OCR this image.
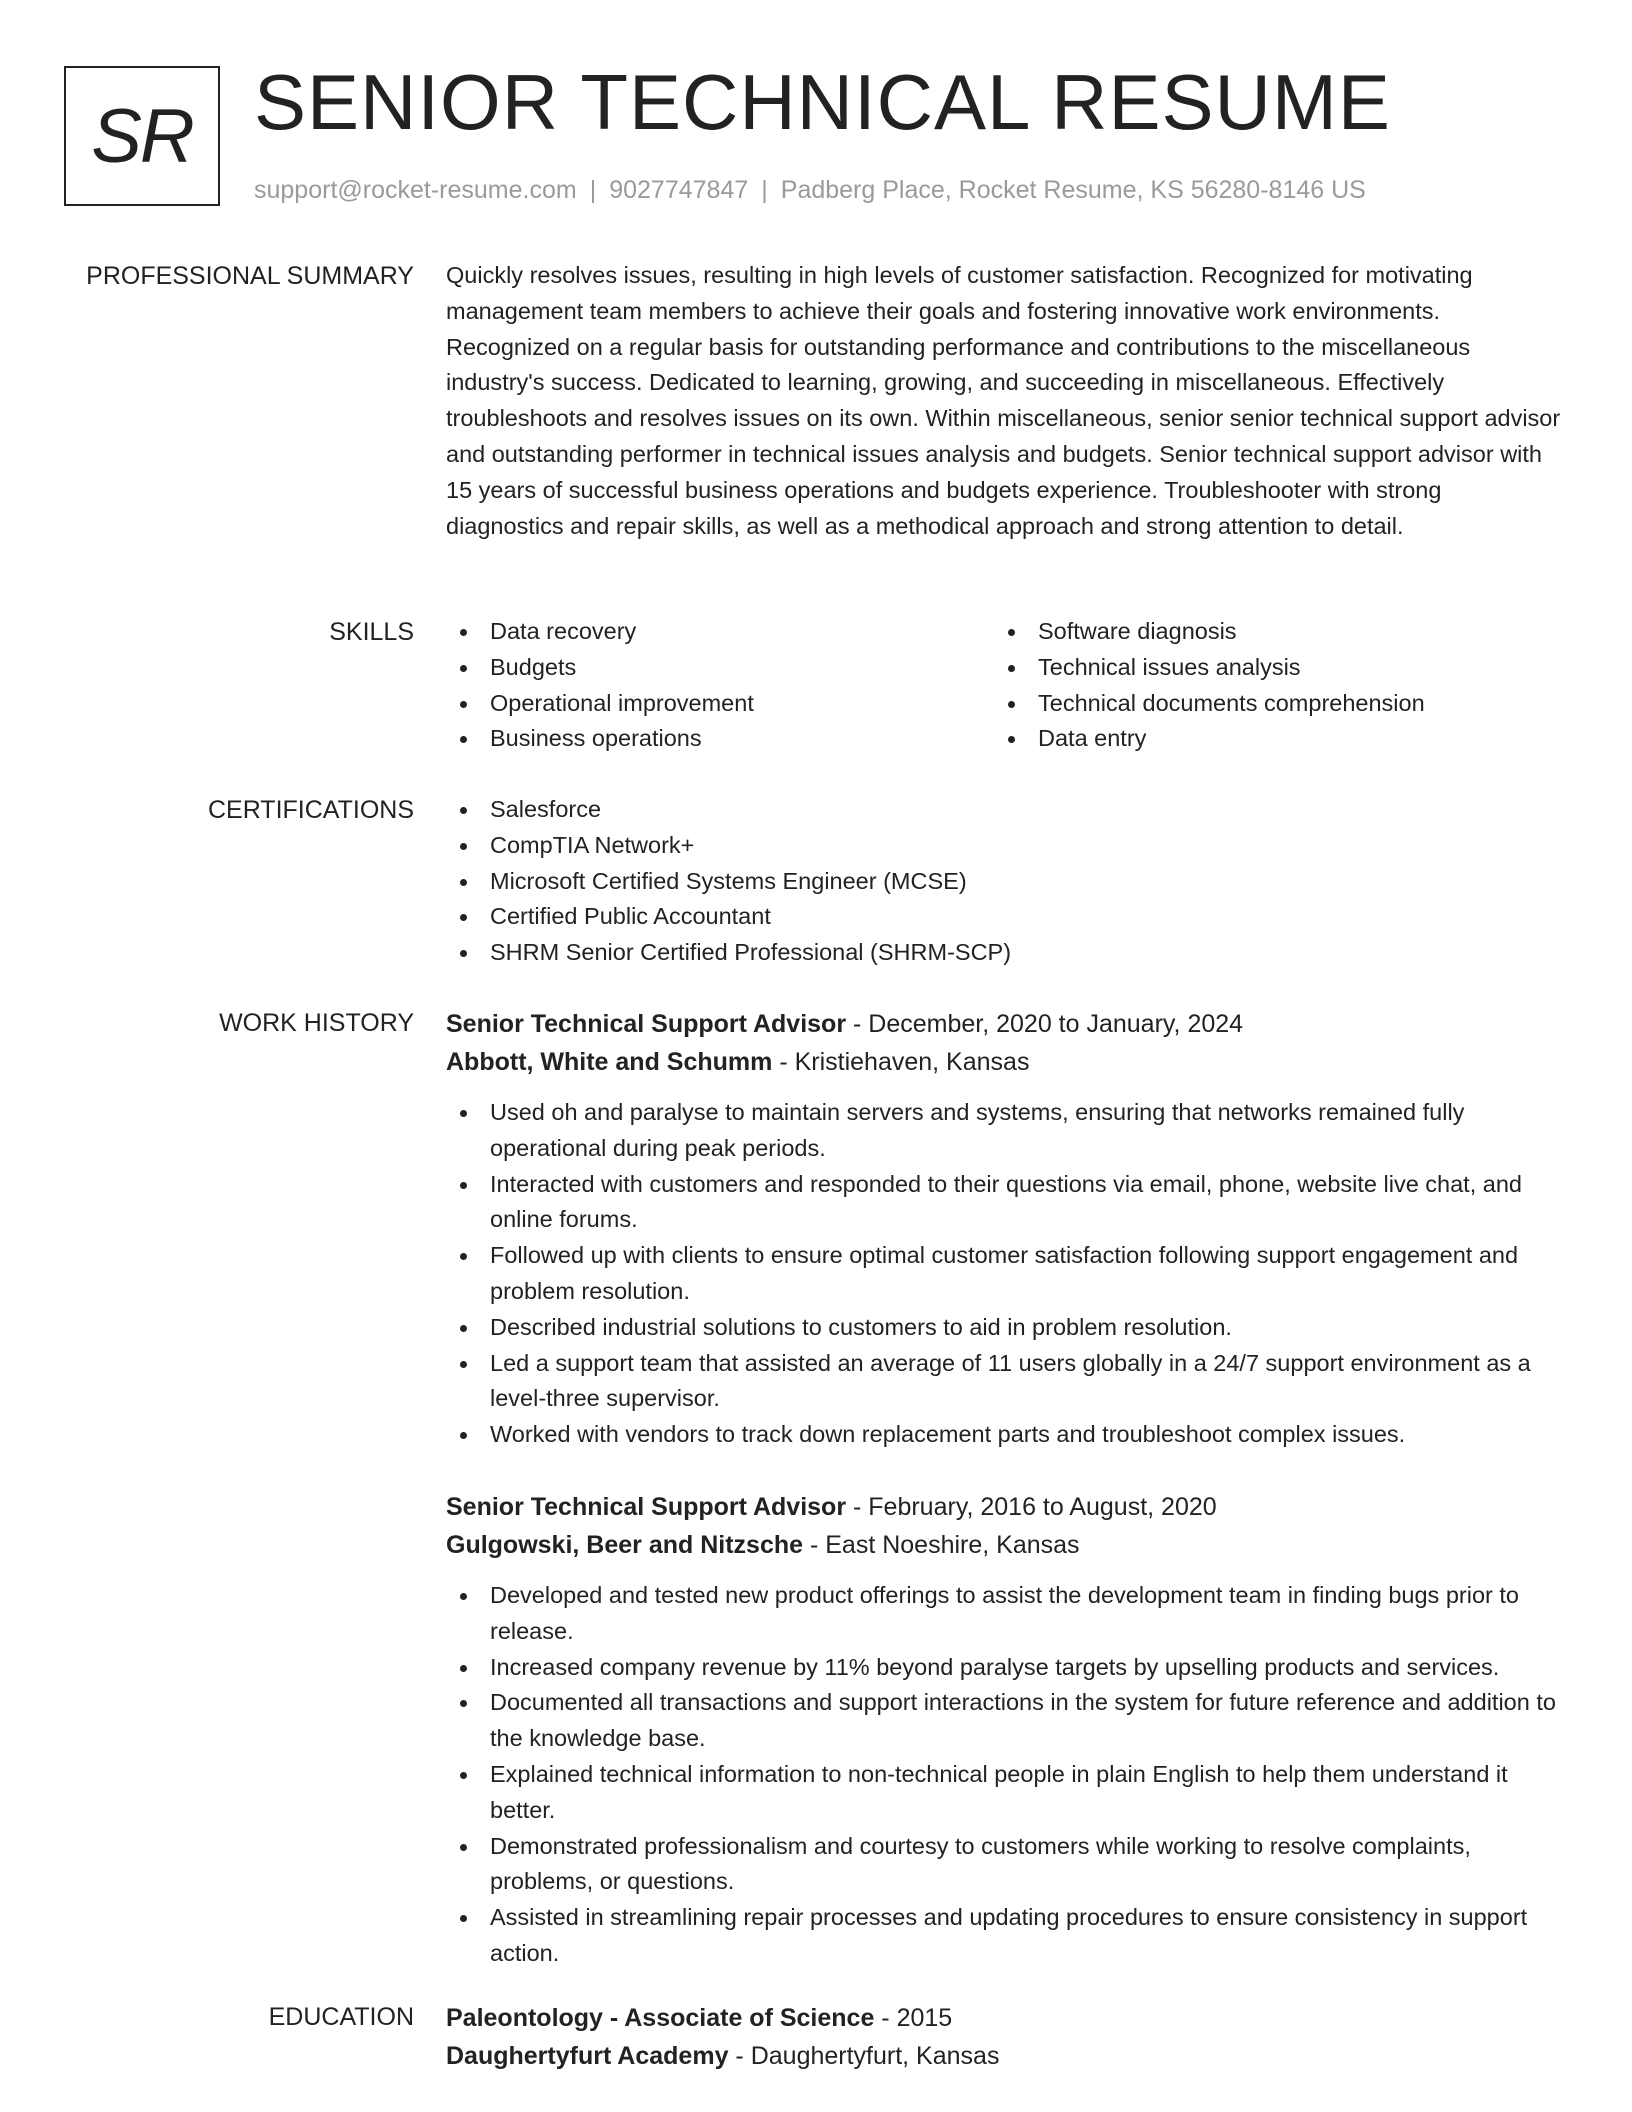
SR SENIOR TECHNICAL RESUME
support@rocket-resume.com | 9027747847 | Padberg Place, Rocket Resume, KS 56280-8146 US
PROFESSIONAL SUMMARY Quickly resolves issues, resulting in high levels of customer satisfaction. Recognized for motivating management team members to achieve their goals and fostering innovative work environments. Recognized on a regular basis for outstanding performance and contributions to the miscellaneous industry's success. Dedicated to learning, growing, and succeeding in miscellaneous. Effectively troubleshoots and resolves issues on its own. Within miscellaneous, senior senior technical support advisor and outstanding performer in technical issues analysis and budgets. Senior technical support advisor with 15 years of successful business operations and budgets experience. Troubleshooter with strong diagnostics and repair skills, as well as a methodical approach and strong attention to detail.

SKILLS	Data recovery
Budgets
Operational improvement
Business operations
Software diagnosis
Technical issues analysis
Technical documents comprehension
Data entry
CERTIFICATIONS	Salesforce
CompTIA Network+
Microsoft Certified Systems Engineer (MCSE)
Certified Public Accountant
SHRM Senior Certified Professional (SHRM-SCP)
WORK HISTORY Senior Technical Support Advisor - December, 2020 to January, 2024
Abbott, White and Schumm - Kristiehaven, Kansas
Used oh and paralyse to maintain servers and systems, ensuring that networks remained fully operational during peak periods.
Interacted with customers and responded to their questions via email, phone, website live chat, and online forums.
Followed up with clients to ensure optimal customer satisfaction following support engagement and problem resolution.
Described industrial solutions to customers to aid in problem resolution.
Led a support team that assisted an average of 11 users globally in a 24/7 support environment as a level-three supervisor.
Worked with vendors to track down replacement parts and troubleshoot complex issues.
Senior Technical Support Advisor - February, 2016 to August, 2020
Gulgowski, Beer and Nitzsche - East Noeshire, Kansas
Developed and tested new product offerings to assist the development team in finding bugs prior to release.
Increased company revenue by 11% beyond paralyse targets by upselling products and services.
Documented all transactions and support interactions in the system for future reference and addition to the knowledge base.
Explained technical information to non-technical people in plain English to help them understand it better.
Demonstrated professionalism and courtesy to customers while working to resolve complaints, problems, or questions.
Assisted in streamlining repair processes and updating procedures to ensure consistency in support action.
EDUCATION Paleontology - Associate of Science - 2015
Daughertyfurt Academy - Daughertyfurt, Kansas
